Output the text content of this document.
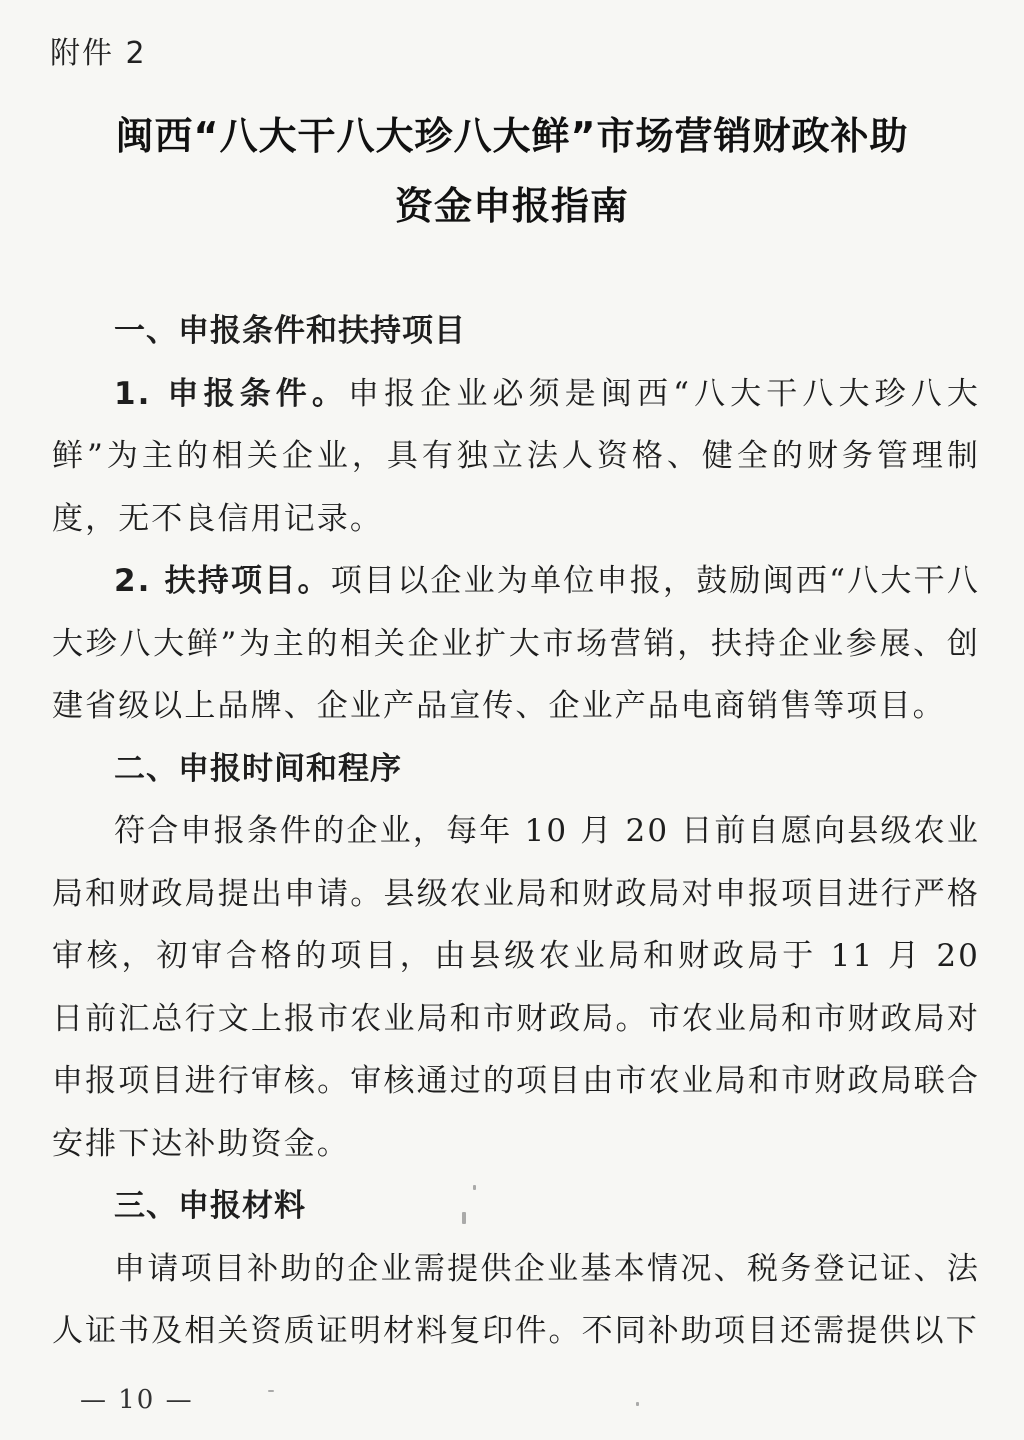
附件 2
闽西“八大干八大珍八大鲜”市场营销财政补助
资金申报指南

一、申报条件和扶持项目

1. 申报条件。申报企业必须是闽西“八大干八大珍八大鲜”为主的相关企业，具有独立法人资格、健全的财务管理制度，无不良信用记录。

2. 扶持项目。项目以企业为单位申报，鼓励闽西“八大干八大珍八大鲜”为主的相关企业扩大市场营销，扶持企业参展、创建省级以上品牌、企业产品宣传、企业产品电商销售等项目。

二、申报时间和程序

符合申报条件的企业，每年 10 月 20 日前自愿向县级农业局和财政局提出申请。县级农业局和财政局对申报项目进行严格审核，初审合格的项目，由县级农业局和财政局于 11 月 20 日前汇总行文上报市农业局和市财政局。市农业局和市财政局对申报项目进行审核。审核通过的项目由市农业局和市财政局联合安排下达补助资金。

三、申报材料

申请项目补助的企业需提供企业基本情况、税务登记证、法人证书及相关资质证明材料复印件。不同补助项目还需提供以下

— 10 —
